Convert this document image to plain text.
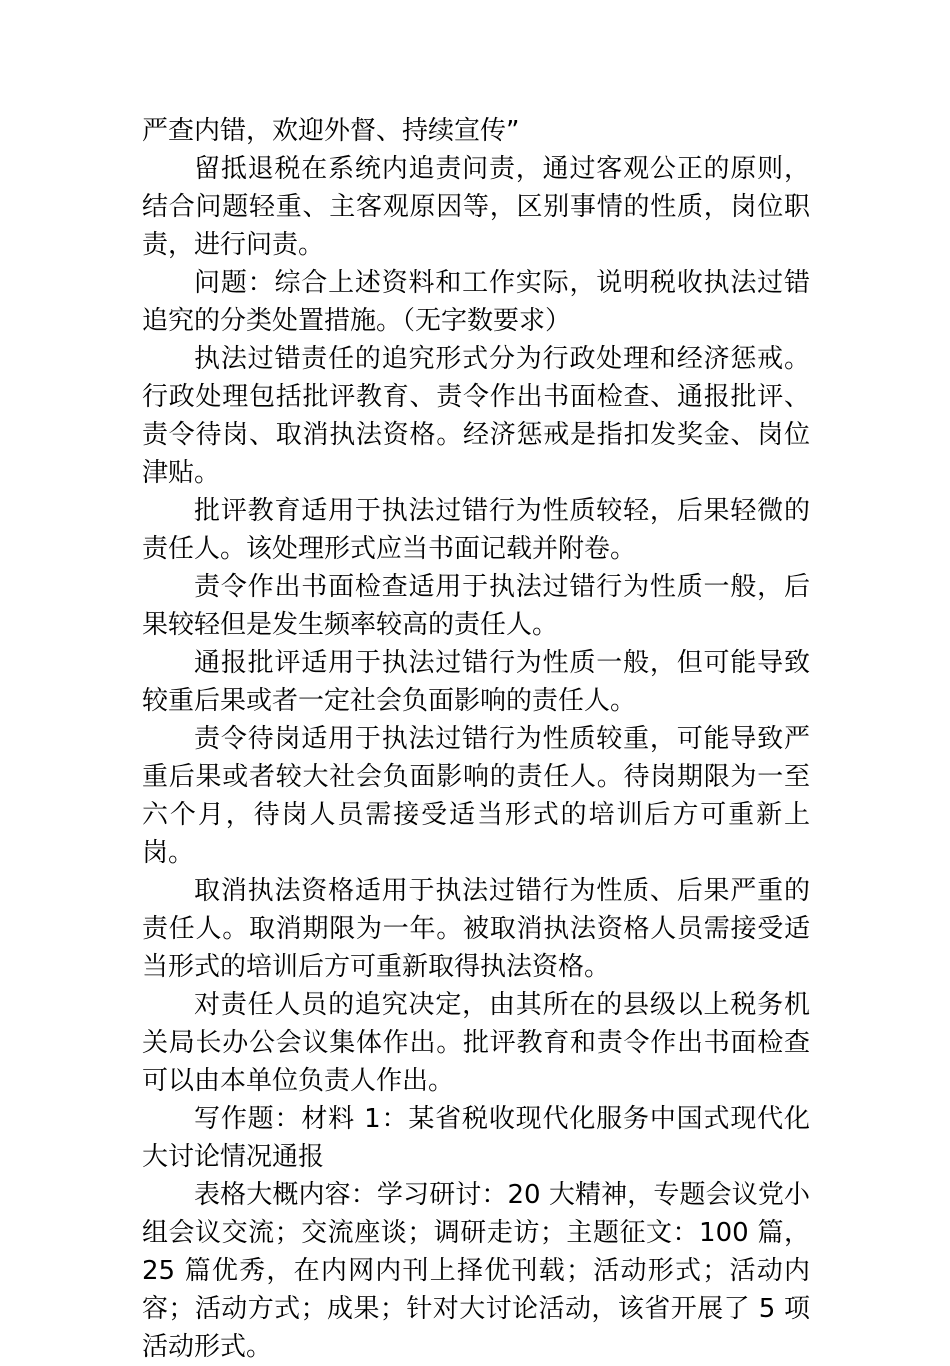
严查内错，欢迎外督、持续宣传”

留抵退税在系统内追责问责，通过客观公正的原则，结合问题轻重、主客观原因等，区别事情的性质，岗位职责，进行问责。

问题：综合上述资料和工作实际，说明税收执法过错追究的分类处置措施。（无字数要求）

执法过错责任的追究形式分为行政处理和经济惩戒。行政处理包括批评教育、责令作出书面检查、通报批评、责令待岗、取消执法资格。经济惩戒是指扣发奖金、岗位津贴。

批评教育适用于执法过错行为性质较轻，后果轻微的责任人。该处理形式应当书面记载并附卷。

责令作出书面检查适用于执法过错行为性质一般，后果较轻但是发生频率较高的责任人。

通报批评适用于执法过错行为性质一般，但可能导致较重后果或者一定社会负面影响的责任人。

责令待岗适用于执法过错行为性质较重，可能导致严重后果或者较大社会负面影响的责任人。待岗期限为一至六个月，待岗人员需接受适当形式的培训后方可重新上岗。

取消执法资格适用于执法过错行为性质、后果严重的责任人。取消期限为一年。被取消执法资格人员需接受适当形式的培训后方可重新取得执法资格。

对责任人员的追究决定，由其所在的县级以上税务机关局长办公会议集体作出。批评教育和责令作出书面检查可以由本单位负责人作出。

写作题：材料 1：某省税收现代化服务中国式现代化大讨论情况通报

表格大概内容：学习研讨：20 大精神，专题会议党小组会议交流；交流座谈；调研走访；主题征文：100 篇，25 篇优秀，在内网内刊上择优刊载；活动形式；活动内容；活动方式；成果；针对大讨论活动，该省开展了 5 项活动形式。
